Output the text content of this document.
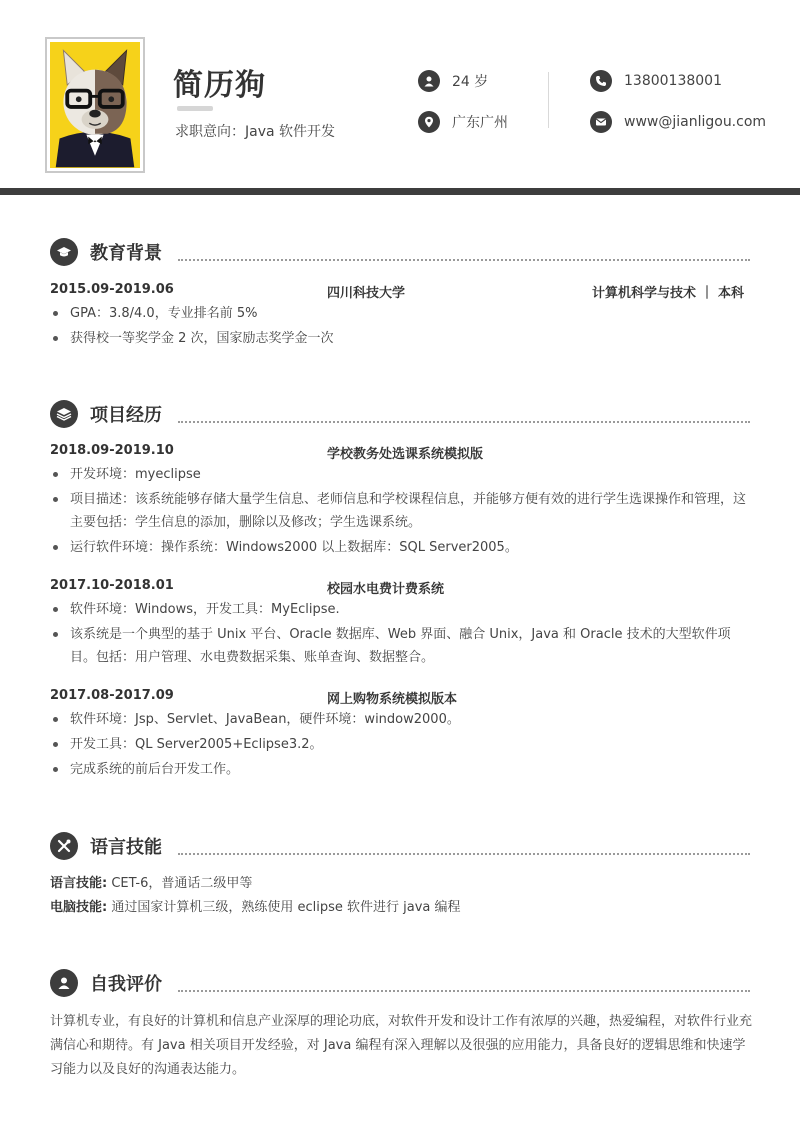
简历狗
求职意向：Java 软件开发
24 岁
广东广州
13800138001
www@jianligou.com
教育背景
2015.09-2019.06	四川科技大学	计算机科学与技术 ｜ 本科
GPA：3.8/4.0，专业排名前 5%
获得校一等奖学金 2 次，国家励志奖学金一次
项目经历
2018.09-2019.10	学校教务处选课系统模拟版
开发环境：myeclipse
项目描述：该系统能够存储大量学生信息、老师信息和学校课程信息，并能够方便有效的进行学生选课操作和管理，这主要包括：学生信息的添加，删除以及修改；学生选课系统。
运行软件环境：操作系统：Windows2000 以上数据库：SQL Server2005。
2017.10-2018.01	校园水电费计费系统
软件环境：Windows，开发工具：MyEclipse.
该系统是一个典型的基于 Unix 平台、Oracle 数据库、Web 界面、融合 Unix，Java 和 Oracle 技术的大型软件项目。包括：用户管理、水电费数据采集、账单查询、数据整合。
2017.08-2017.09	网上购物系统模拟版本
软件环境：Jsp、Servlet、JavaBean，硬件环境：window2000。
开发工具：QL Server2005+Eclipse3.2。
完成系统的前后台开发工作。
语言技能
语言技能: CET-6，普通话二级甲等
电脑技能: 通过国家计算机三级，熟练使用 eclipse 软件进行 java 编程
自我评价
计算机专业，有良好的计算机和信息产业深厚的理论功底，对软件开发和设计工作有浓厚的兴趣，热爱编程，对软件行业充满信心和期待。有 Java 相关项目开发经验，对 Java 编程有深入理解以及很强的应用能力，具备良好的逻辑思维和快速学习能力以及良好的沟通表达能力。
